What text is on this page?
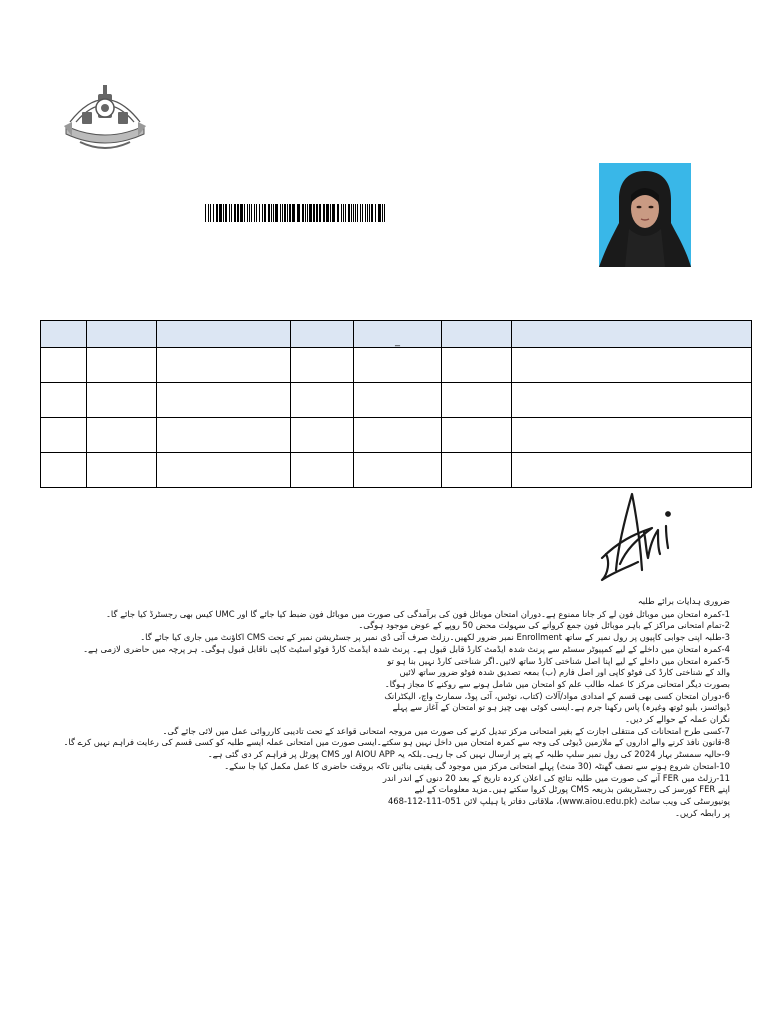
				_		

ضروری ہدایات برائے طلبہ
1-کمرہ امتحان میں موبائل فون لے کر جانا ممنوع ہے۔دوران امتحان موبائل فون کی برآمدگی کی صورت میں موبائل فون ضبط کیا جائے گا اور UMC کیس بھی رجسٹرڈ کیا جائے گا۔
2-تمام امتحانی مراکز کے باہر موبائل فون جمع کروانے کی سہولت محض 50 روپے کے عوض موجود ہوگی۔
3-طلبہ اپنی جوابی کاپیوں پر رول نمبر کے ساتھ Enrollment نمبر ضرور لکھیں۔رزلٹ صرف آئی ڈی نمبر پر جسٹریشن نمبر کے تحت CMS اکاؤنٹ میں جاری کیا جائے گا۔
4-کمرہ امتحان میں داخلے کے لیے کمپیوٹر سسٹم سے پرنٹ شدہ ایڈمٹ کارڈ قابل قبول ہے۔ پرنٹ شدہ ایڈمٹ کارڈ فوٹو اسٹیٹ کاپی ناقابل قبول ہوگی۔ ہر پرچہ میں حاضری لازمی ہے۔
5-کمرہ امتحان میں داخلے کے لیے اپنا اصل شناختی کارڈ ساتھ لائیں۔اگر شناختی کارڈ نہیں بنا ہو تو والد کے شناختی کارڈ کی فوٹو کاپی اور اصل فارم (ب) بمعہ تصدیق شدہ فوٹو ضرور ساتھ لائیں بصورت دیگر امتحانی مرکز کا عملہ طالب علم کو امتحان میں شامل ہونے سے روکنے کا مجاز ہوگا۔
6-دوران امتحان کسی بھی قسم کے امدادی مواد/آلات (کتاب، نوٹس، آئی پوڈ، سمارٹ واچ، الیکٹرانک ڈیوائسز، بلیو ٹوتھ وغیرہ) پاس رکھنا جرم ہے۔ایسی کوئی بھی چیز ہو تو امتحان کے آغاز سے پہلے نگران عملہ کے حوالے کر دیں۔
7-کسی طرح امتحانات کی منتقلی اجازت کے بغیر امتحانی مرکز تبدیل کرنے کی صورت میں مروجہ امتحانی قواعد کے تحت تادیبی کارروائی عمل میں لائی جائے گی۔
8-قانون نافذ کرنے والے اداروں کے ملازمین ڈیوٹی کی وجہ سے کمرہ امتحان میں داخل نہیں ہو سکتے۔ایسی صورت میں امتحانی عملہ ایسے طلبہ کو کسی قسم کی رعایت فراہم نہیں کرے گا۔
9-حالیہ سمسٹر بہار 2024 کی رول نمبر سلپ طلبہ کے پتے پر ارسال نہیں کی جا رہی۔بلکہ یہ AIOU APP اور CMS پورٹل پر فراہم کر دی گئی ہے۔
10-امتحان شروع ہونے سے نصف گھنٹہ (30 منٹ) پہلے امتحانی مرکز میں موجود گی یقینی بنائیں تاکہ بروقت حاضری کا عمل مکمل کیا جا سکے۔
11-رزلٹ میں FER آنے کی صورت میں طلبہ نتائج کی اعلان کردہ تاریخ کے بعد 20 دنوں کے اندر اندر اپنے FER کورسز کی رجسٹریشن بذریعہ CMS پورٹل کروا سکتے ہیں۔مزید معلومات کے لیے یونیورسٹی کی ویب سائٹ (www.aiou.edu.pk)، ملاقاتی دفاتر یا ہیلپ لائن 051-111-112-468 پر رابطہ کریں۔
